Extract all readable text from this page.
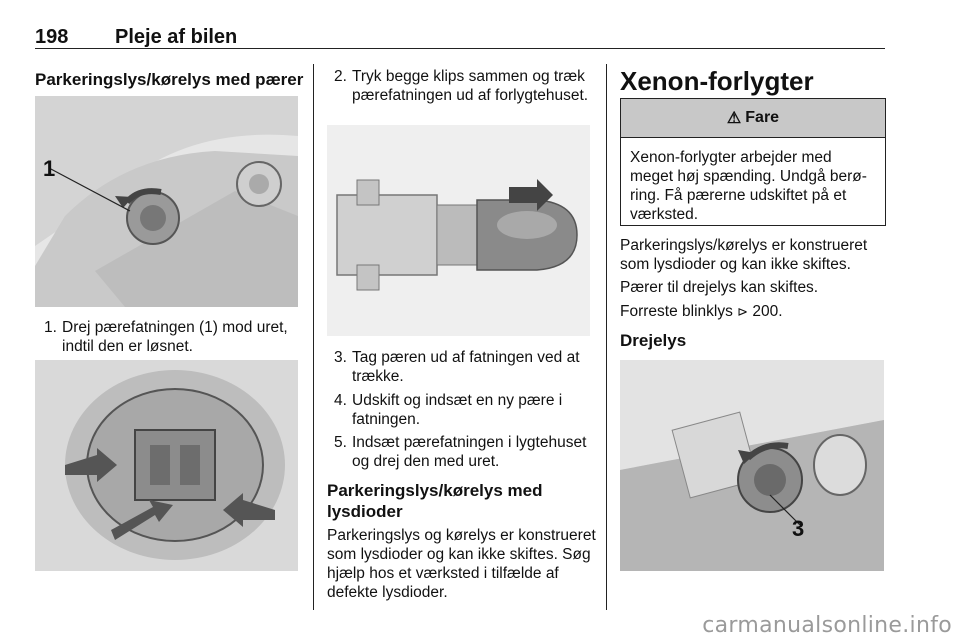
198 Pleje af bilen
Parkeringslys/kørelys med pærer
1
1. Drej pærefatningen (1) mod uret, indtil den er løsnet.
2. Tryk begge klips sammen og træk pærefatningen ud af forlygtehuset.
3. Tag pæren ud af fatningen ved at trække.
4. Udskift og indsæt en ny pære i fatningen.
5. Indsæt pærefatningen i lygtehuset og drej den med uret.
Parkeringslys/kørelys med lysdioder
Parkeringslys og kørelys er konstrueret som lysdioder og kan ikke skiftes. Søg hjælp hos et værksted i tilfælde af defekte lysdioder.
Xenon-forlygter
⚠ Fare
Xenon-forlygter arbejder med meget høj spænding. Undgå berøring. Få pærerne udskiftet på et værksted.
Parkeringslys/kørelys er konstrueret som lysdioder og kan ikke skiftes.
Pærer til drejelys kan skiftes.
Forreste blinklys ⊳ 200.
Drejelys
3
carmanualsonline.info
